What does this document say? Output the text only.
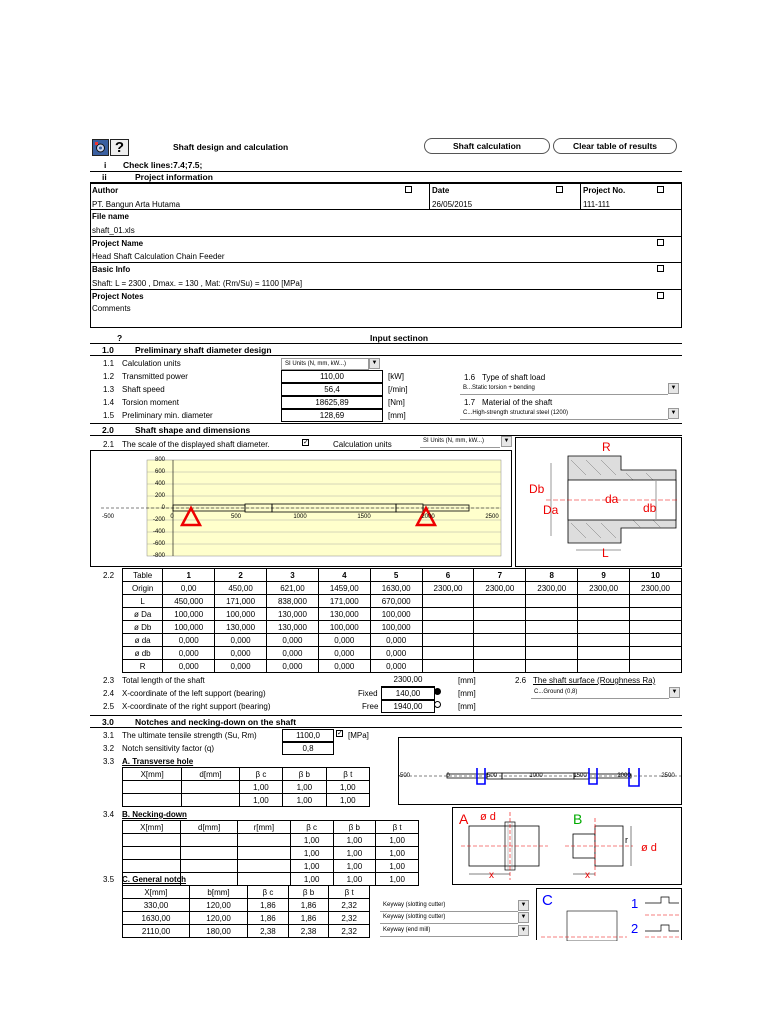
?	Shaft design and calculation	Shaft calculation	Clear table of results
i Check lines:7.4;7.5;
ii	Project information
Author
PT. Bangun Arta Hutama
Date
26/05/2015
Project No.
111-111
File name
shaft_01.xls
Project Name
Head Shaft Calculation Chain Feeder
Basic Info
Shaft: L = 2300 , Dmax. = 130 , Mat: (Rm/Su) = 1100 [MPa]
Project Notes
Comments
?	Input sectinon
1.0 Preliminary shaft diameter design
1.1 Calculation units	SI Units (N, mm, kW...)	▼
1.2 Transmitted power	110,00	[kW]
1.3 Shaft speed	56,4	[/min]
1.4 Torsion moment	18625,89	[Nm]
1.5 Preliminary min. diameter	128,69	[mm]
1.6 Type of shaft load
B...Static torsion + bending	▼
1.7 Material of the shaft
C...High-strength structural steel (1200)	▼
2.0 Shaft shape and dimensions
2.1 The scale of the displayed shaft diameter.	✓	Calculation units	SI Units (N, mm, kW...)	▼
800
600
400
200
0
-200
-400
-600
-800
-500	0	500	1000	1500	2000	2500
R
Db
da
Da	db
L
2.2 Table	1	2	3	4	5	6	7	8	9	10
Origin	0,00	450,00	621,00	1459,00	1630,00	2300,00	2300,00	2300,00	2300,00	2300,00
L	450,000	171,000	838,000	171,000	670,000					
ø Da	100,000	100,000	130,000	130,000	100,000					
ø Db	100,000	130,000	130,000	100,000	100,000					
ø da	0,000	0,000	0,000	0,000	0,000					
ø db	0,000	0,000	0,000	0,000	0,000					
R	0,000	0,000	0,000	0,000	0,000					
2.3 Total length of the shaft	2300,00	[mm]
2.4 X-coordinate of the left support (bearing)	Fixed	140,00	[mm]
2.5 X-coordinate of the right support (bearing)	Free	1940,00	[mm]
2.6 The shaft surface (Roughness Ra)
C...Ground (0,8)	▼
3.0 Notches and necking-down on the shaft
3.1 The ultimate tensile strength (Su, Rm)	1100,0	✓ [MPa]
3.2 Notch sensitivity factor (q)	0,8
3.3 A. Transverse hole
X[mm]	d[mm]	β c	β b	β t
		1,00	1,00	1,00
		1,00	1,00	1,00
-500	0	500	1000	1500	2000	2500
3.4 B. Necking-down
X[mm]	d[mm]	r[mm]	β c	β b	β t
			1,00	1,00	1,00
			1,00	1,00	1,00
			1,00	1,00	1,00
			1,00	1,00	1,00
A ø d
x
B
r
ø d
x
3.5 C. General notch
X[mm]	b[mm]	β c	β b	β t
330,00	120,00	1,86	1,86	2,32
1630,00	120,00	1,86	1,86	2,32
2110,00	180,00	2,38	2,38	2,32
Keyway (slotting cutter)	▼
Keyway (slotting cutter)	▼
Keyway (end mill)	▼
C	1
2
